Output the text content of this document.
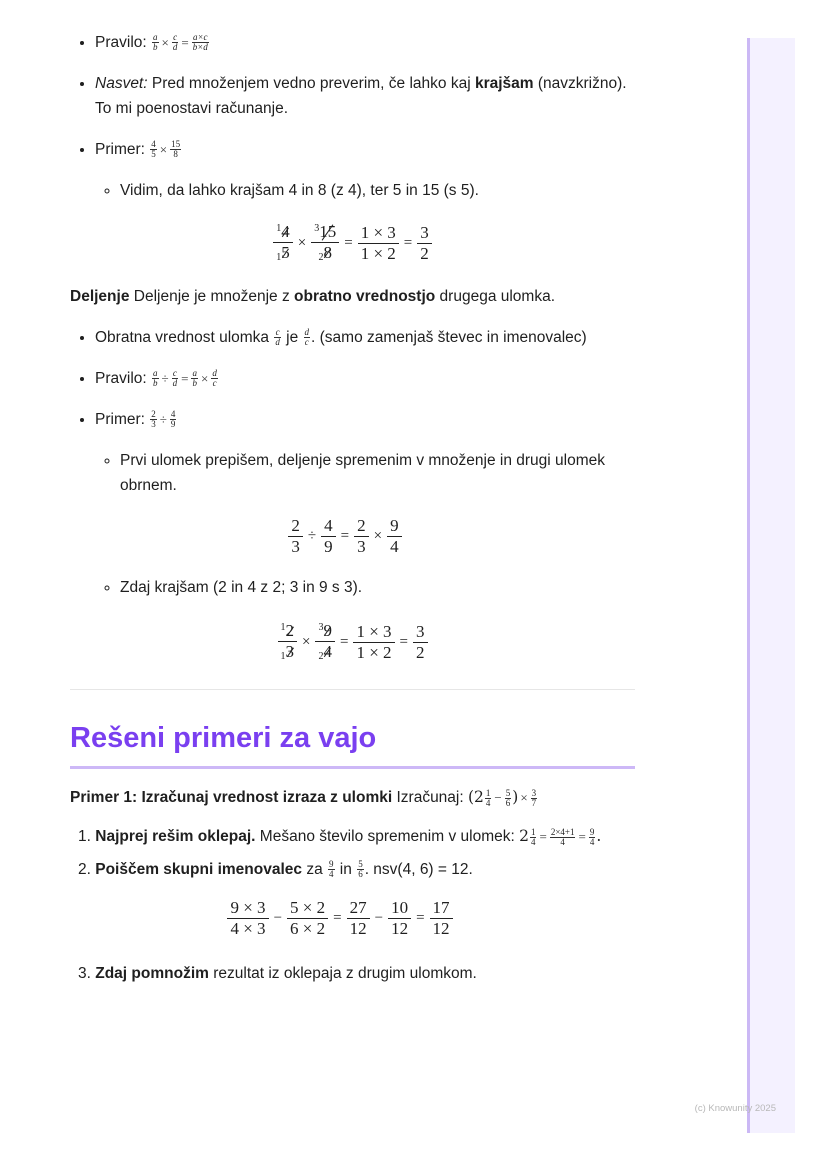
• Pravilo: $\frac{a}{b} \times \frac{c}{d} = \frac{a\times c}{b\times d}$
• Nasvet: Pred množenjem vedno preverim, če lahko kaj krajšam (navzkrižno). To mi poenostavi računanje.
• Primer: $\frac{4}{5} \times \frac{15}{8}$
◦ Vidim, da lahko krajšam 4 in 8 (z 4), ter 5 in 15 (s 5).
$\frac{^14}{_15} \times \frac{^315}{_28} = \frac{1 \times 3}{1 \times 2} = \frac{3}{2}$

Deljenje Deljenje je množenje z obratno vrednostjo drugega ulomka.

• Obratna vrednost ulomka $\frac{c}{d}$ je $\frac{d}{c}$ . (samo zamenjaš števec in imenovalec)
• Pravilo: $\frac{a}{b} \div \frac{c}{d} = \frac{a}{b} \times \frac{d}{c}$
• Primer: $\frac{2}{3} \div \frac{4}{9}$
◦ Prvi ulomek prepišem, deljenje spremenim v množenje in drugi ulomek obrnem.
$\frac{2}{3} \div \frac{4}{9} = \frac{2}{3} \times \frac{9}{4}$
◦ Zdaj krajšam (2 in 4 z 2; 3 in 9 s 3).
$\frac{^12}{_13} \times \frac{^39}{_24} = \frac{1 \times 3}{1 \times 2} = \frac{3}{2}$
Rešeni primeri za vajo

Primer 1: Izračunaj vrednost izraza z ulomki Izračunaj: ($2 \frac{1}{4} - \frac{5}{6}$ ) × $\frac{3}{7}$

1. Najprej rešim oklepaj. Mešano število spremenim v ulomek: $2 \frac{1}{4} = \frac{2\times 4+1}{4} = \frac{9}{4}$ .
2. Poiščem skupni imenovalec za $\frac{9}{4}$ in $\frac{5}{6}$ . nsv(4, 6) = 12.
$\frac{9 \times 3}{4 \times 3} - \frac{5 \times 2}{6 \times 2} = \frac{27}{12} - \frac{10}{12} = \frac{17}{12}$
3. Zdaj pomnožim rezultat iz oklepaja z drugim ulomkom.
(c) Knowunity 2025
